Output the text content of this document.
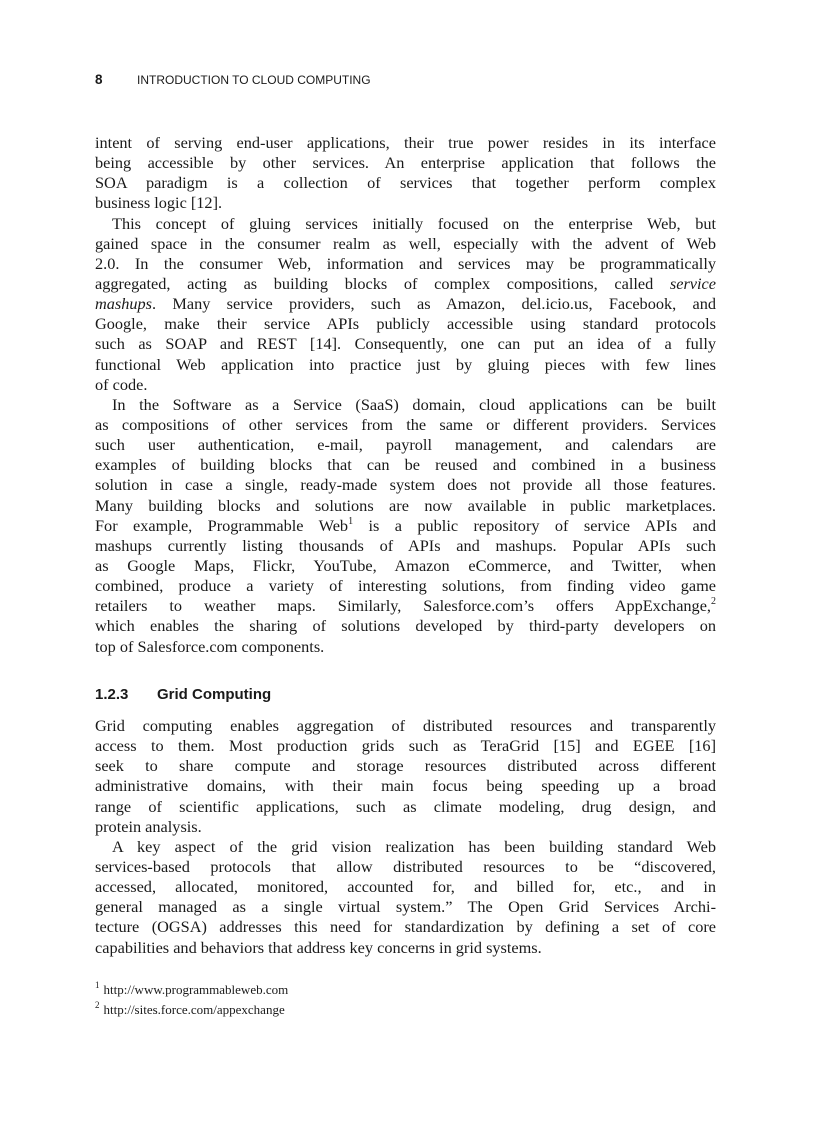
8	INTRODUCTION TO CLOUD COMPUTING
intent of serving end-user applications, their true power resides in its interface
being accessible by other services. An enterprise application that follows the
SOA paradigm is a collection of services that together perform complex
business logic [12].
This concept of gluing services initially focused on the enterprise Web, but
gained space in the consumer realm as well, especially with the advent of Web
2.0. In the consumer Web, information and services may be programmatically
aggregated, acting as building blocks of complex compositions, called service
mashups. Many service providers, such as Amazon, del.icio.us, Facebook, and
Google, make their service APIs publicly accessible using standard protocols
such as SOAP and REST [14]. Consequently, one can put an idea of a fully
functional Web application into practice just by gluing pieces with few lines
of code.
In the Software as a Service (SaaS) domain, cloud applications can be built
as compositions of other services from the same or different providers. Services
such user authentication, e-mail, payroll management, and calendars are
examples of building blocks that can be reused and combined in a business
solution in case a single, ready-made system does not provide all those features.
Many building blocks and solutions are now available in public marketplaces.
For example, Programmable Web$^1$ is a public repository of service APIs and
mashups currently listing thousands of APIs and mashups. Popular APIs such
as Google Maps, Flickr, YouTube, Amazon eCommerce, and Twitter, when
combined, produce a variety of interesting solutions, from finding video game
retailers to weather maps. Similarly, Salesforce.com’s offers AppExchange,$^2$
which enables the sharing of solutions developed by third-party developers on
top of Salesforce.com components.
1.2.3 Grid Computing
Grid computing enables aggregation of distributed resources and transparently
access to them. Most production grids such as TeraGrid [15] and EGEE [16]
seek to share compute and storage resources distributed across different
administrative domains, with their main focus being speeding up a broad
range of scientific applications, such as climate modeling, drug design, and
protein analysis.
A key aspect of the grid vision realization has been building standard Web
services-based protocols that allow distributed resources to be “discovered,
accessed, allocated, monitored, accounted for, and billed for, etc., and in
general managed as a single virtual system.” The Open Grid Services Archi-
tecture (OGSA) addresses this need for standardization by defining a set of core
capabilities and behaviors that address key concerns in grid systems.
$^1$ http://www.programmableweb.com
$^2$ http://sites.force.com/appexchange
